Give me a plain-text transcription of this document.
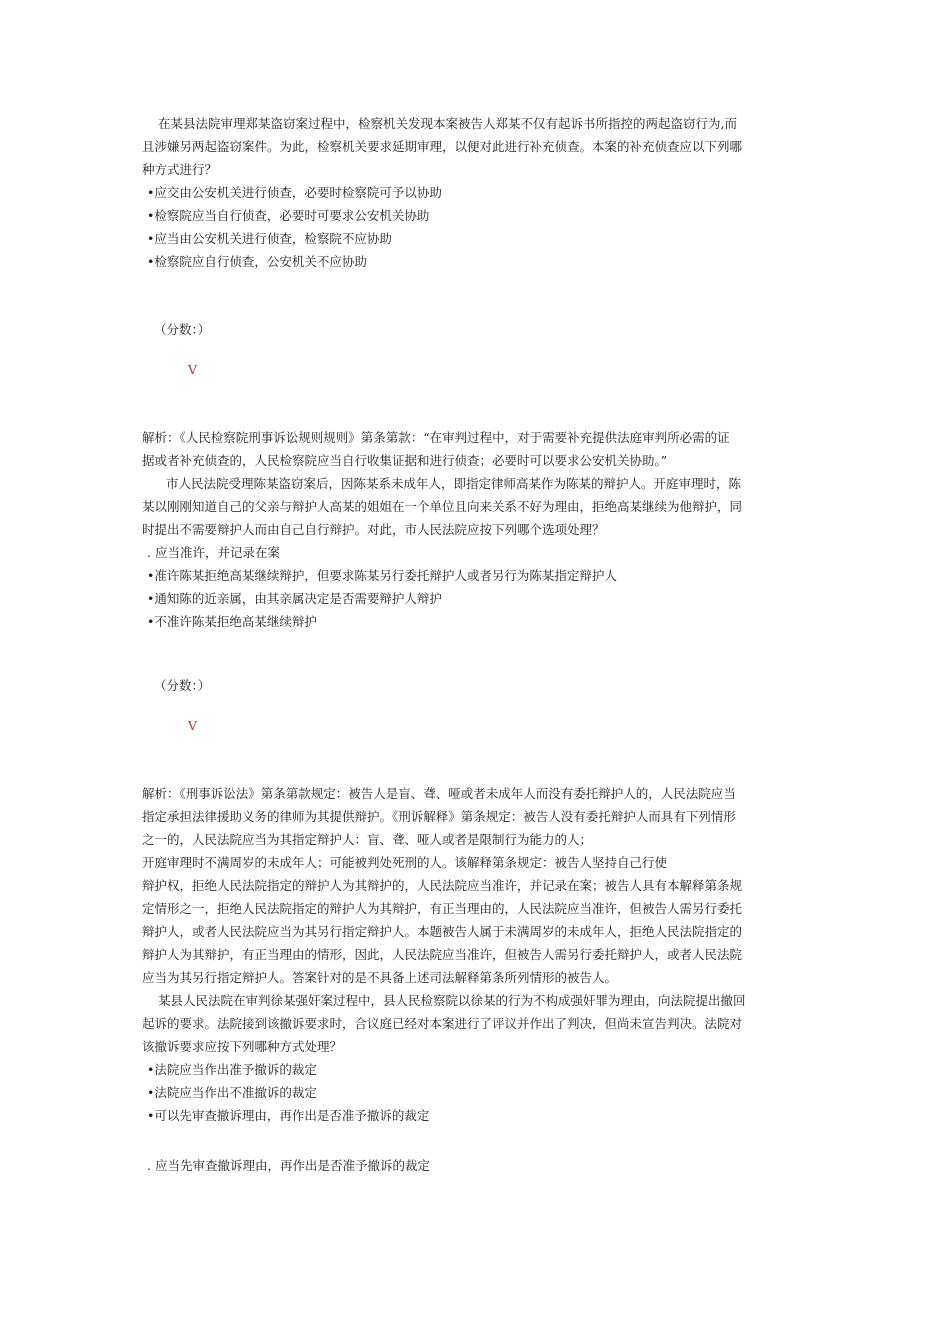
在某县法院审理郑某盗窃案过程中，检察机关发现本案被告人郑某不仅有起诉书所指控的两起盗窃行为,而
且涉嫌另两起盗窃案件。为此，检察机关要求延期审理，以便对此进行补充侦查。本案的补充侦查应以下列哪
种方式进行？
•应交由公安机关进行侦查，必要时检察院可予以协助
•检察院应当自行侦查，必要时可要求公安机关协助
•应当由公安机关进行侦查，检察院不应协助
•检察院应自行侦查，公安机关不应协助
（分数：）
V
解析：《人民检察院刑事诉讼规则规则》第条第款：“在审判过程中，对于需要补充提供法庭审判所必需的证
据或者补充侦查的，人民检察院应当自行收集证据和进行侦查；必要时可以要求公安机关协助。”
市人民法院受理陈某盗窃案后，因陈某系未成年人，即指定律师高某作为陈某的辩护人。开庭审理时，陈
某以刚刚知道自己的父亲与辩护人高某的姐姐在一个单位且向来关系不好为理由，拒绝高某继续为他辩护，同
时提出不需要辩护人而由自己自行辩护。对此，市人民法院应按下列哪个选项处理？
. 应当准许，并记录在案
•准许陈某拒绝高某继续辩护，但要求陈某另行委托辩护人或者另行为陈某指定辩护人
•通知陈的近亲属，由其亲属决定是否需要辩护人辩护
•不准许陈某拒绝高某继续辩护
（分数：）
V
解析：《刑事诉讼法》第条第款规定：被告人是盲、聋、哑或者未成年人而没有委托辩护人的，人民法院应当
指定承担法律援助义务的律师为其提供辩护。《刑诉解释》第条规定：被告人没有委托辩护人而具有下列情形
之一的，人民法院应当为其指定辩护人：盲、聋、哑人或者是限制行为能力的人；
开庭审理时不满周岁的未成年人；可能被判处死刑的人。该解释第条规定：被告人坚持自己行使
辩护权，拒绝人民法院指定的辩护人为其辩护的，人民法院应当准许，并记录在案；被告人具有本解释第条规
定情形之一，拒绝人民法院指定的辩护人为其辩护，有正当理由的，人民法院应当准许，但被告人需另行委托
辩护人，或者人民法院应当为其另行指定辩护人。本题被告人属于未满周岁的未成年人，拒绝人民法院指定的
辩护人为其辩护，有正当理由的情形，因此，人民法院应当准许，但被告人需另行委托辩护人，或者人民法院
应当为其另行指定辩护人。答案针对的是不具备上述司法解释第条所列情形的被告人。
某县人民法院在审判徐某强奸案过程中，县人民检察院以徐某的行为不构成强奸罪为理由，向法院提出撤回
起诉的要求。法院接到该撤诉要求时，合议庭已经对本案进行了评议并作出了判决，但尚未宣告判决。法院对
该撤诉要求应按下列哪种方式处理？
•法院应当作出准予撤诉的裁定
•法院应当作出不准撤诉的裁定
•可以先审查撤诉理由，再作出是否准予撤诉的裁定
. 应当先审查撤诉理由，再作出是否准予撤诉的裁定
